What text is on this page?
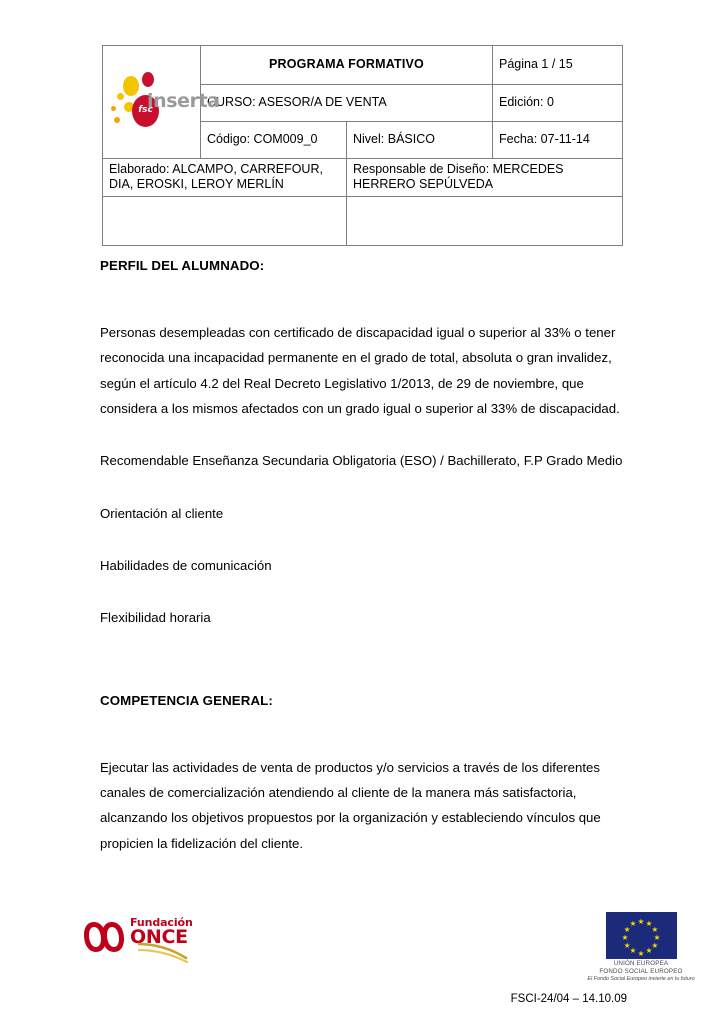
fsc
inserta	PROGRAMA FORMATIVO		Página 1 / 15
	CURSO: ASESOR/A DE VENTA		Edición: 0
	Código: COM009_0	Nivel: BÁSICO	Fecha: 07-11-14
Elaborado: ALCAMPO, CARREFOUR, DIA, EROSKI, LEROY MERLÍN		Responsable de Diseño: MERCEDES HERRERO SEPÚLVEDA	

PERFIL DEL ALUMNADO:

Personas desempleadas con certificado de discapacidad igual o superior al 33% o tener reconocida una incapacidad permanente en el grado de total, absoluta o gran invalidez, según el artículo 4.2 del Real Decreto Legislativo 1/2013, de 29 de noviembre, que considera a los mismos afectados con un grado igual o superior al 33% de discapacidad.

Recomendable Enseñanza Secundaria Obligatoria (ESO) / Bachillerato, F.P Grado Medio

Orientación al cliente

Habilidades de comunicación

Flexibilidad horaria

COMPETENCIA GENERAL:

Ejecutar las actividades de venta de productos y/o servicios a través de los diferentes canales de comercialización atendiendo al cliente de la manera más satisfactoria, alcanzando los objetivos propuestos por la organización y estableciendo vínculos que propicien la fidelización del cliente.

Fundación
ONCE
★ ★
★
★
★
★
★
★
★
★
★
★
UNIÓN EUROPEA
FONDO SOCIAL EUROPEO
El Fondo Social Europeo invierte en tu futuro
FSCI-24/04 – 14.10.09
